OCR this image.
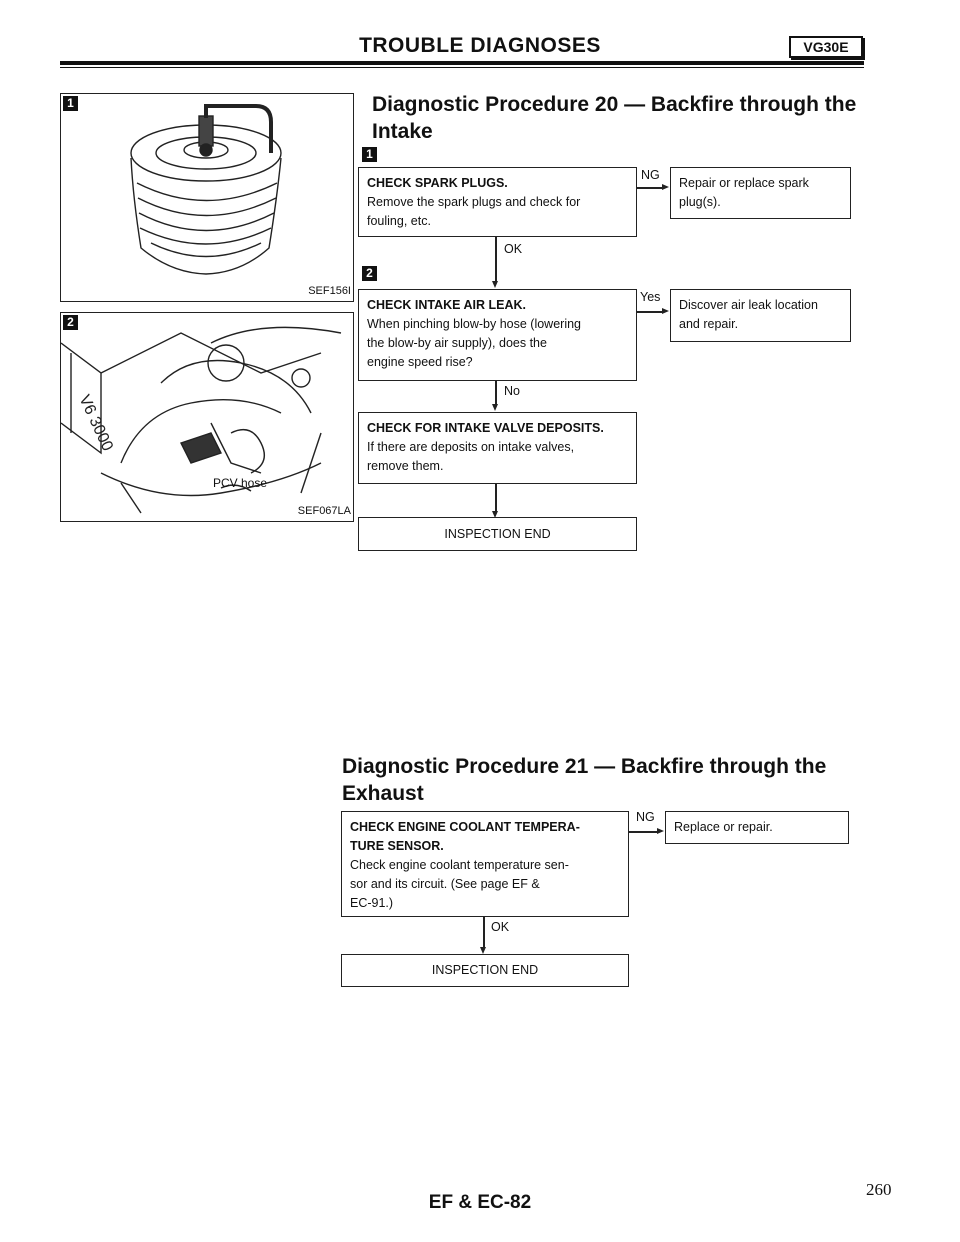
TROUBLE DIAGNOSES	VG30E
1
SEF156I
2
V6 3000
PCV hose
SEF067LA
Diagnostic Procedure 20 — Backfire through the
Intake
1
CHECK SPARK PLUGS.
Remove the spark plugs and check for
fouling, etc.
NG
Repair or replace spark
plug(s).
OK
2
CHECK INTAKE AIR LEAK.
When pinching blow-by hose (lowering
the blow-by air supply), does the
engine speed rise?
Yes
Discover air leak location
and repair.
No
CHECK FOR INTAKE VALVE DEPOSITS.
If there are deposits on intake valves,
remove them.
INSPECTION END
Diagnostic Procedure 21 — Backfire through the
Exhaust
CHECK ENGINE COOLANT TEMPERA-
TURE SENSOR.
Check engine coolant temperature sen-
sor and its circuit. (See page EF &
EC-91.)
NG
Replace or repair.
OK
INSPECTION END
EF & EC-82
260
